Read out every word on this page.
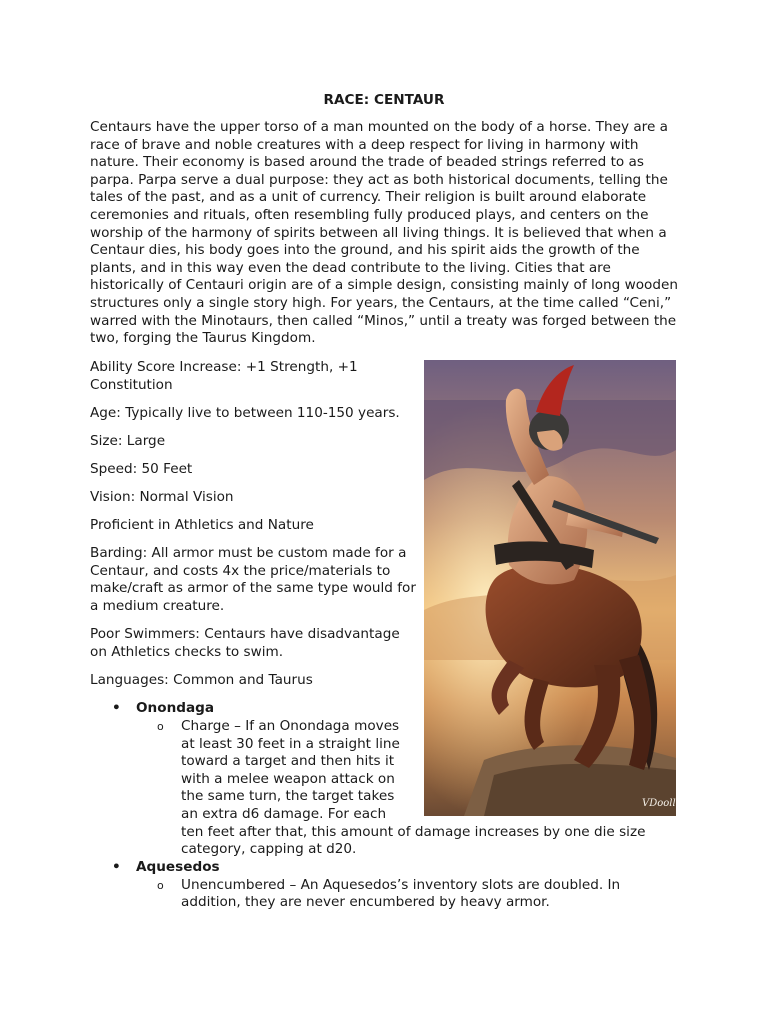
RACE: CENTAUR

Centaurs have the upper torso of a man mounted on the body of a horse. They are a race of brave and noble creatures with a deep respect for living in harmony with nature. Their economy is based around the trade of beaded strings referred to as parpa. Parpa serve a dual purpose: they act as both historical documents, telling the tales of the past, and as a unit of currency. Their religion is built around elaborate ceremonies and rituals, often resembling fully produced plays, and centers on the worship of the harmony of spirits between all living things. It is believed that when a Centaur dies, his body goes into the ground, and his spirit aids the growth of the plants, and in this way even the dead contribute to the living. Cities that are historically of Centauri origin are of a simple design, consisting mainly of long wooden structures only a single story high. For years, the Centaurs, at the time called “Ceni,” warred with the Minotaurs, then called “Minos,” until a treaty was forged between the two, forging the Taurus Kingdom.

Ability Score Increase: +1 Strength, +1 Constitution

Age: Typically live to between 110-150 years.

Size: Large

Speed: 50 Feet

Vision: Normal Vision

Proficient in Athletics and Nature

Barding: All armor must be custom made for a Centaur, and costs 4x the price/materials to make/craft as armor of the same type would for a medium creature.

Poor Swimmers: Centaurs have disadvantage on Athletics checks to swim.

Languages: Common and Taurus

VDooll
• Onondaga
o Charge – If an Onondaga moves at least 30 feet in a straight line toward a target and then hits it with a melee weapon attack on the same turn, the target takes an extra d6 damage. For each
ten feet after that, this amount of damage increases by one die size category, capping at d20.
• Aquesedos
o Unencumbered – An Aquesedos’s inventory slots are doubled. In addition, they are never encumbered by heavy armor.
